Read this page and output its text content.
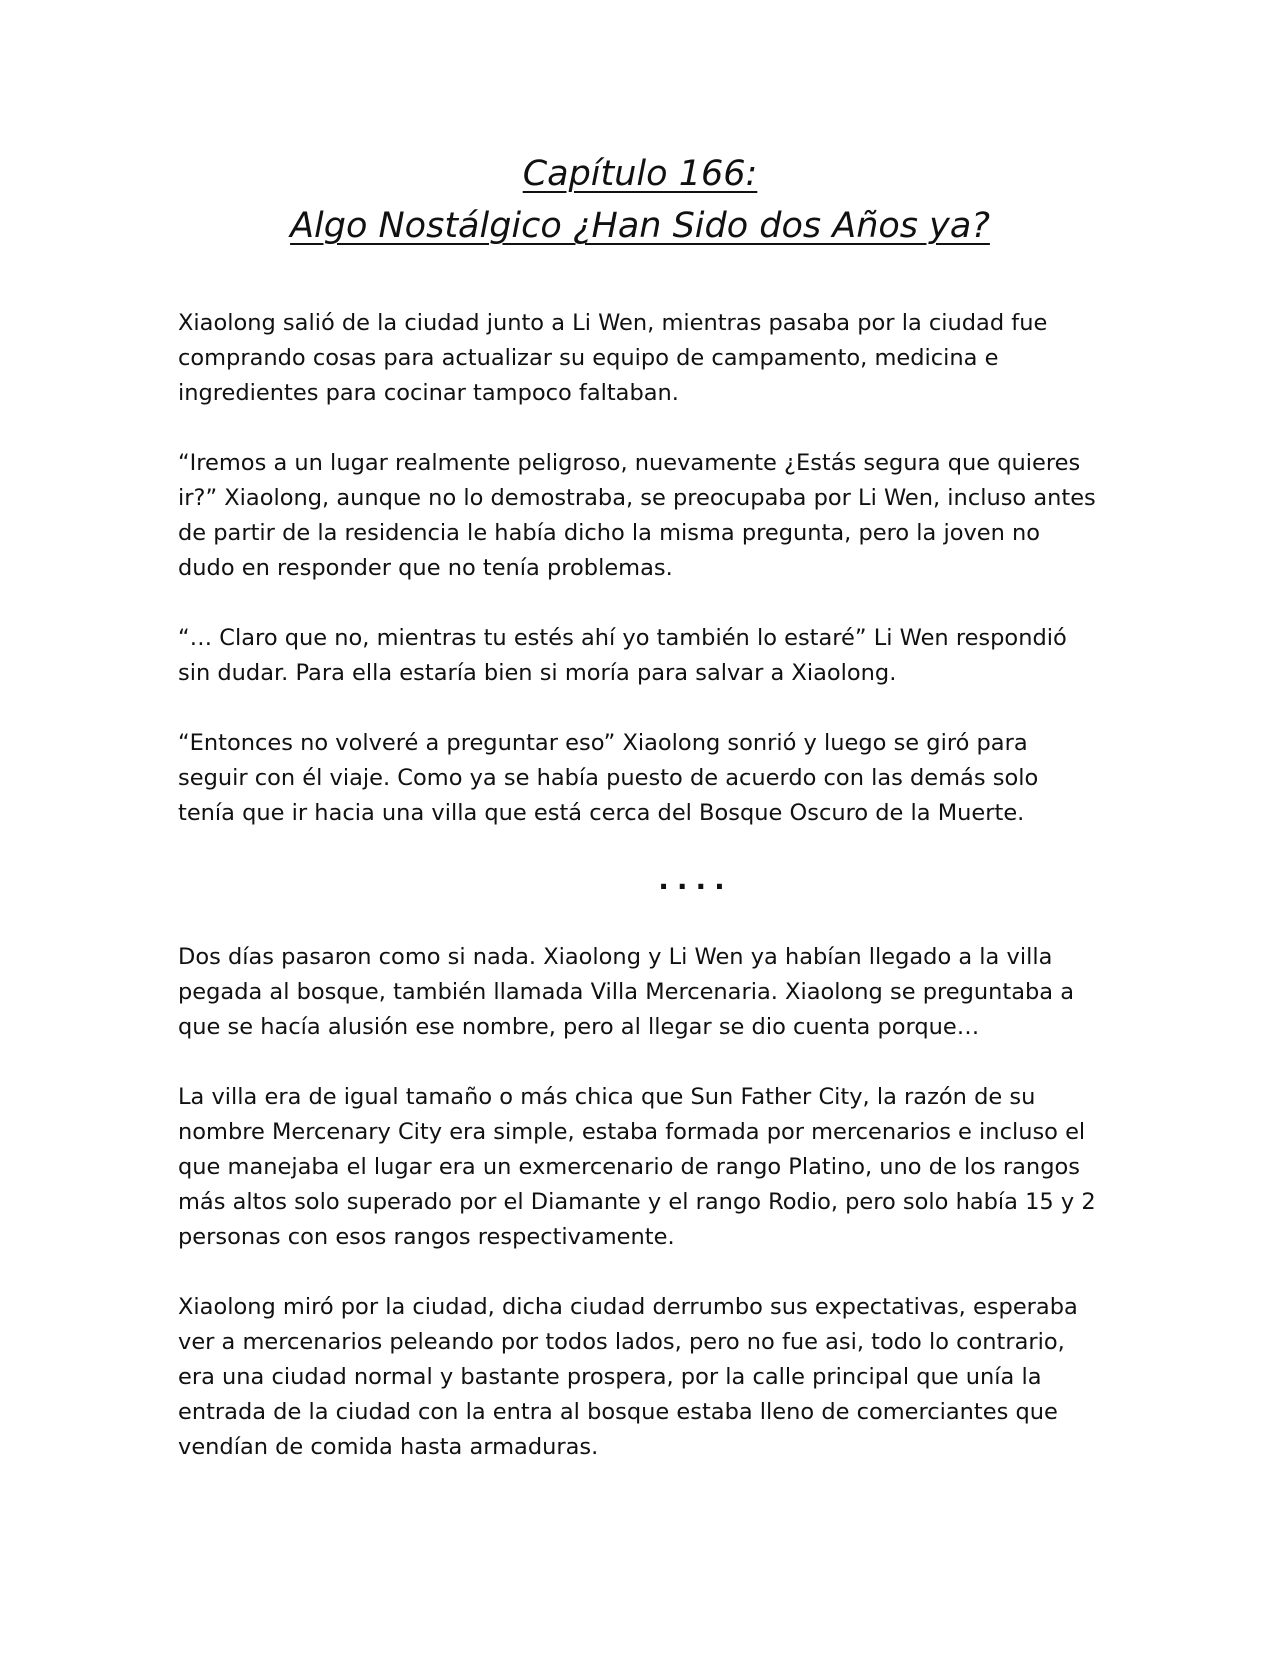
Capítulo 166:
Algo Nostálgico ¿Han Sido dos Años ya?

Xiaolong salió de la ciudad junto a Li Wen, mientras pasaba por la ciudad fue comprando cosas para actualizar su equipo de campamento, medicina e ingredientes para cocinar tampoco faltaban.

“Iremos a un lugar realmente peligroso, nuevamente ¿Estás segura que quieres ir?” Xiaolong, aunque no lo demostraba, se preocupaba por Li Wen, incluso antes de partir de la residencia le había dicho la misma pregunta, pero la joven no dudo en responder que no tenía problemas.

“… Claro que no, mientras tu estés ahí yo también lo estaré” Li Wen respondió sin dudar. Para ella estaría bien si moría para salvar a Xiaolong.

“Entonces no volveré a preguntar eso” Xiaolong sonrió y luego se giró para seguir con él viaje. Como ya se había puesto de acuerdo con las demás solo tenía que ir hacia una villa que está cerca del Bosque Oscuro de la Muerte.

....

Dos días pasaron como si nada. Xiaolong y Li Wen ya habían llegado a la villa pegada al bosque, también llamada Villa Mercenaria. Xiaolong se preguntaba a que se hacía alusión ese nombre, pero al llegar se dio cuenta porque…

La villa era de igual tamaño o más chica que Sun Father City, la razón de su nombre Mercenary City era simple, estaba formada por mercenarios e incluso el que manejaba el lugar era un exmercenario de rango Platino, uno de los rangos más altos solo superado por el Diamante y el rango Rodio, pero solo había 15 y 2 personas con esos rangos respectivamente.

Xiaolong miró por la ciudad, dicha ciudad derrumbo sus expectativas, esperaba ver a mercenarios peleando por todos lados, pero no fue asi, todo lo contrario, era una ciudad normal y bastante prospera, por la calle principal que unía la entrada de la ciudad con la entra al bosque estaba lleno de comerciantes que vendían de comida hasta armaduras.
